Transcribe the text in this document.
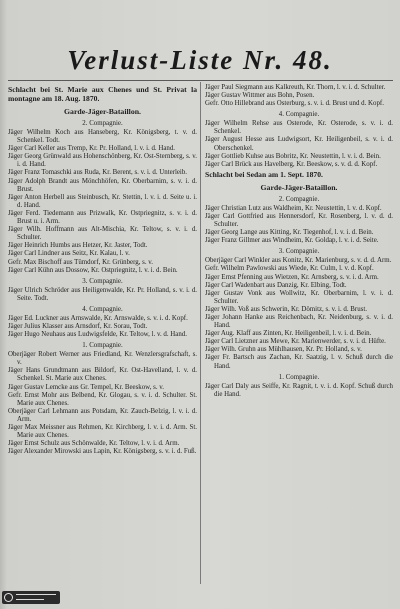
Verlust-Liste Nr. 48.
Schlacht bei St. Marie aux Chenes und St. Privat la montagne am 18. Aug. 1870.
Garde-Jäger-Bataillon.
2. Compagnie.
Jäger Wilhelm Koch aus Hanseberg, Kr. Königsberg, t. v. d. Schenkel. Todt.
Jäger Carl Keller aus Tremp, Kr. Pr. Holland, l. v. i. d. Hand.
Jäger Georg Grünwald aus Hohenschönberg, Kr. Ost-Sternberg, s. v. i. d. Hand.
Jäger Franz Tomaschki aus Ruda, Kr. Berent, s. v. i. d. Unterleib.
Jäger Adolph Brandt aus Mönchhöfen, Kr. Oberbarnim, s. v. i. d. Brust.
Jäger Anton Herbell aus Steinbusch, Kr. Stettin, l. v. i. d. Seite u. i. d. Hand.
Jäger Ferd. Tiedemann aus Prizwalk, Kr. Ostpriegnitz, s. v. i. d. Brust u. i. Arm.
Jäger Wilh. Hoffmann aus Alt-Mischia, Kr. Teltow, s. v. i. d. Schulter.
Jäger Heinrich Humbs aus Hetzer, Kr. Jaster, Todt.
Jäger Carl Lindner aus Seitz, Kr. Kalau, l. v.
Gefr. Max Bischoff aus Tümdorf, Kr. Grünberg, s. v.
Jäger Carl Kühn aus Dossow, Kr. Ostpriegnitz, l. v. i. d. Bein.
3. Compagnie.
Jäger Ulrich Schröder aus Heiligenwalde, Kr. Pr. Holland, s. v. i. d. Seite. Todt.
4. Compagnie.
Jäger Ed. Luckner aus Arnswalde, Kr. Arnswalde, s. v. i. d. Kopf.
Jäger Julius Klasser aus Arnsdorf, Kr. Sorau, Todt.
Jäger Hugo Neuhaus aus Ludwigsfelde, Kr. Teltow, l. v. d. Hand.
1. Compagnie.
Oberjäger Robert Werner aus Friedland, Kr. Wenzlersgrafschaft, s. v.
Jäger Hans Grundtmann aus Bildorf, Kr. Ost-Havelland, l. v. d. Schenkel. St. Marie aux Chenes.
Jäger Gustav Lemcke aus Gr. Tempel, Kr. Beeskow, s. v.
Gefr. Ernst Mohr aus Belbend, Kr. Glogau, s. v. i. d. Schulter. St. Marie aux Chenes.
Oberjäger Carl Lehmann aus Potsdam, Kr. Zauch-Belzig, l. v. i. d. Arm.
Jäger Max Meissner aus Rehmen, Kr. Kirchberg, l. v. i. d. Arm. St. Marie aux Chenes.
Jäger Ernst Schulz aus Schönwalde, Kr. Teltow, l. v. i. d. Arm.
Jäger Alexander Mirowski aus Lapin, Kr. Königsberg, s. v. i. d. Fuß.
Jäger Paul Siegmann aus Kalkreuth, Kr. Thorn, l. v. i. d. Schulter.
Jäger Gustav Wittmer aus Bohn, Posen.
Gefr. Otto Hillebrand aus Osterburg, s. v. i. d. Brust und d. Kopf.
4. Compagnie.
Jäger Wilhelm Rehse aus Osterode, Kr. Osterode, s. v. i. d. Schenkel.
Jäger August Hesse aus Ludwigsort, Kr. Heiligenbeil, s. v. i. d. Oberschenkel.
Jäger Gottlieb Kuhse aus Bobritz, Kr. Neustettin, l. v. i. d. Bein.
Jäger Carl Brück aus Havelberg, Kr. Beeskow, s. v. d. d. Kopf.
Schlacht bei Sedan am 1. Sept. 1870.
Garde-Jäger-Bataillon.
2. Compagnie.
Jäger Christian Lutz aus Waldheim, Kr. Neustettin, l. v. d. Kopf.
Jäger Carl Gottfried aus Hennersdorf, Kr. Rosenberg, l. v. d. d. Schulter.
Jäger Georg Lange aus Kitting, Kr. Tiegenhof, l. v. i. d. Bein.
Jäger Franz Gillmer aus Windheim, Kr. Goldap, l. v. i. d. Seite.
3. Compagnie.
Oberjäger Carl Winkler aus Konitz, Kr. Marienburg, s. v. d. d. Arm.
Gefr. Wilhelm Pawlowski aus Wiede, Kr. Culm, l. v. d. Kopf.
Jäger Ernst Pfenning aus Wietzen, Kr. Arnsberg, s. v. i. d. Arm.
Jäger Carl Wadenbart aus Danzig, Kr. Elbing, Todt.
Jäger Gustav Vonk aus Wollwitz, Kr. Oberbarnim, l. v. i. d. Schulter.
Jäger Wilh. Voß aus Schwerin, Kr. Dömitz, s. v. i. d. Brust.
Jäger Johann Hanke aus Reichenbach, Kr. Neidenburg, s. v. i. d. Hand.
Jäger Aug. Klaff aus Zinten, Kr. Heiligenbeil, l. v. i. d. Bein.
Jäger Carl Lietzner aus Mewe, Kr. Marienwerder, s. v. i. d. Hüfte.
Jäger Wilh. Gruhn aus Mühlhausen, Kr. Pr. Holland, s. v.
Jäger Fr. Bartsch aus Zachan, Kr. Saatzig, l. v. Schuß durch die Hand.
1. Compagnie.
Jäger Carl Daly aus Seiffe, Kr. Ragnit, t. v. i. d. Kopf. Schuß durch die Hand.
